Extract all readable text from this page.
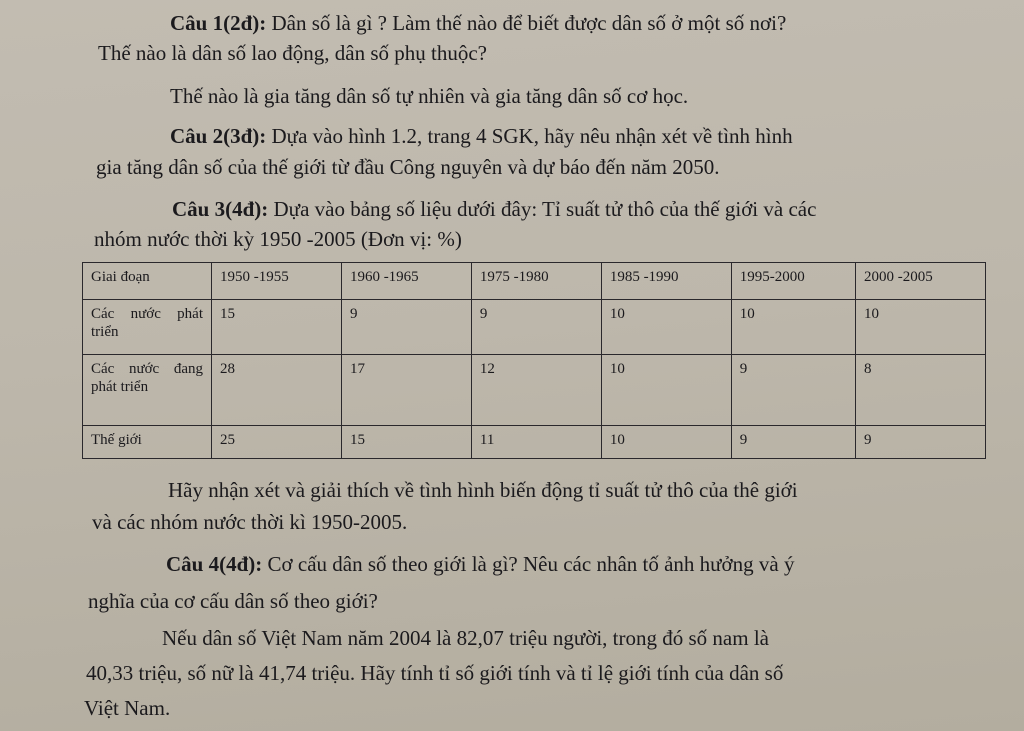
Câu 1(2đ): Dân số là gì ? Làm thế nào để biết được dân số ở một số nơi?
Thế nào là dân số lao động, dân số phụ thuộc?
Thế nào là gia tăng dân số tự nhiên và gia tăng dân số cơ học.
Câu 2(3đ): Dựa vào hình 1.2, trang 4 SGK, hãy nêu nhận xét về tình hình
gia tăng dân số của thế giới từ đầu Công nguyên và dự báo đến năm 2050.
Câu 3(4đ): Dựa vào bảng số liệu dưới đây: Tỉ suất tử thô của thế giới và các
nhóm nước thời kỳ 1950 -2005 (Đơn vị: %)
Giai đoạn	1950 -1955	1960 -1965	1975 -1980	1985 -1990	1995-2000	2000 -2005

Các nước phát triển	15	9	9	10	10	10

Các nước đang phát triển	28	17	12	10	9	8

Thế giới	25	15	11	10	9	9
Hãy nhận xét và giải thích về tình hình biến động tỉ suất tử thô của thê giới
và các nhóm nước thời kì 1950-2005.
Câu 4(4đ): Cơ cấu dân số theo giới là gì? Nêu các nhân tố ảnh hưởng và ý
nghĩa của cơ cấu dân số theo giới?
Nếu dân số Việt Nam năm 2004 là 82,07 triệu người, trong đó số nam là
40,33 triệu, số nữ là 41,74 triệu. Hãy tính tỉ số giới tính và tỉ lệ giới tính của dân số
Việt Nam.
